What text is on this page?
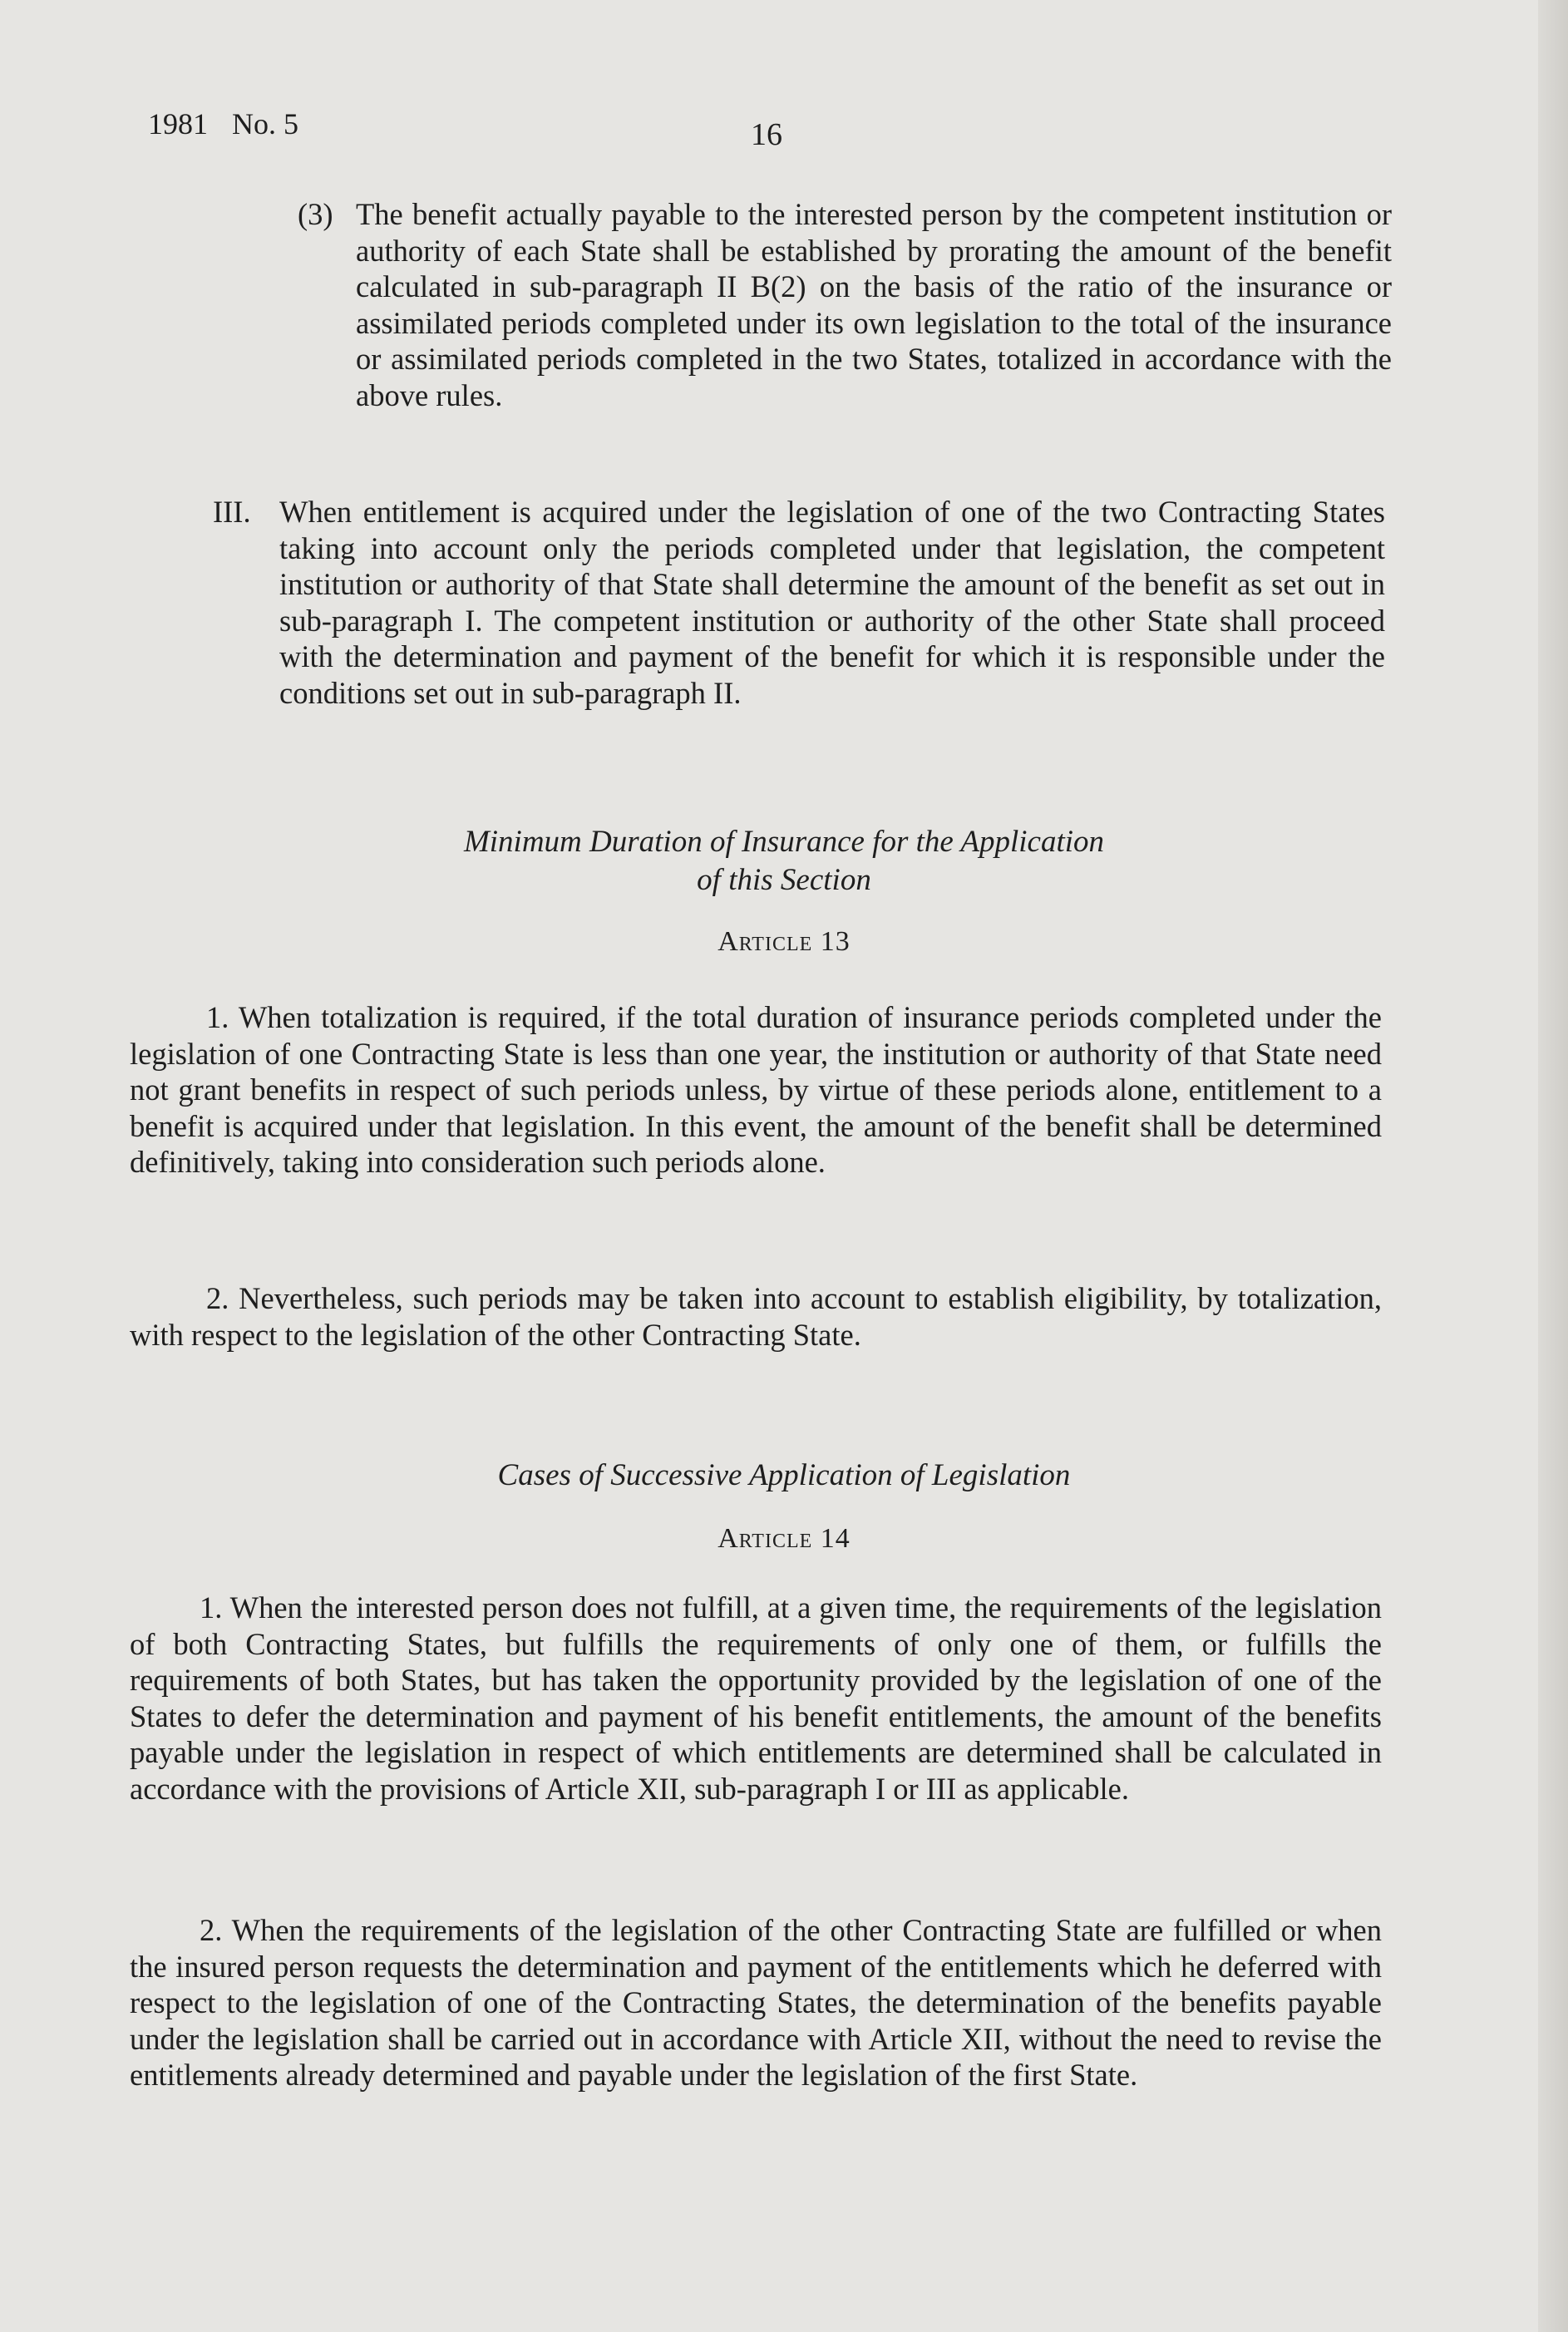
1981 No. 5	16
(3) The benefit actually payable to the interested person by the competent institution or authority of each State shall be established by prorating the amount of the benefit calculated in sub-paragraph II B(2) on the basis of the ratio of the insurance or assimilated periods completed under its own legislation to the total of the insurance or assimilated periods completed in the two States, totalized in accordance with the above rules.

III. When entitlement is acquired under the legislation of one of the two Contracting States taking into account only the periods completed under that legislation, the competent institution or authority of that State shall determine the amount of the benefit as set out in sub-paragraph I. The competent institution or authority of the other State shall proceed with the determination and payment of the benefit for which it is responsible under the conditions set out in sub-paragraph II.

Minimum Duration of Insurance for the Application
of this Section
Article 13

1. When totalization is required, if the total duration of insurance periods completed under the legislation of one Contracting State is less than one year, the institution or authority of that State need not grant benefits in respect of such periods unless, by virtue of these periods alone, entitlement to a benefit is acquired under that legislation. In this event, the amount of the benefit shall be determined definitively, taking into consideration such periods alone.

2. Nevertheless, such periods may be taken into account to establish eligibility, by totalization, with respect to the legislation of the other Contracting State.

Cases of Successive Application of Legislation
Article 14

1. When the interested person does not fulfill, at a given time, the requirements of the legislation of both Contracting States, but fulfills the requirements of only one of them, or fulfills the requirements of both States, but has taken the opportunity provided by the legislation of one of the States to defer the determination and payment of his benefit entitlements, the amount of the benefits payable under the legislation in respect of which entitlements are determined shall be calculated in accordance with the provisions of Article XII, sub-paragraph I or III as applicable.

2. When the requirements of the legislation of the other Contracting State are fulfilled or when the insured person requests the determination and payment of the entitlements which he deferred with respect to the legislation of one of the Contracting States, the determination of the benefits payable under the legislation shall be carried out in accordance with Article XII, without the need to revise the entitlements already determined and payable under the legislation of the first State.
